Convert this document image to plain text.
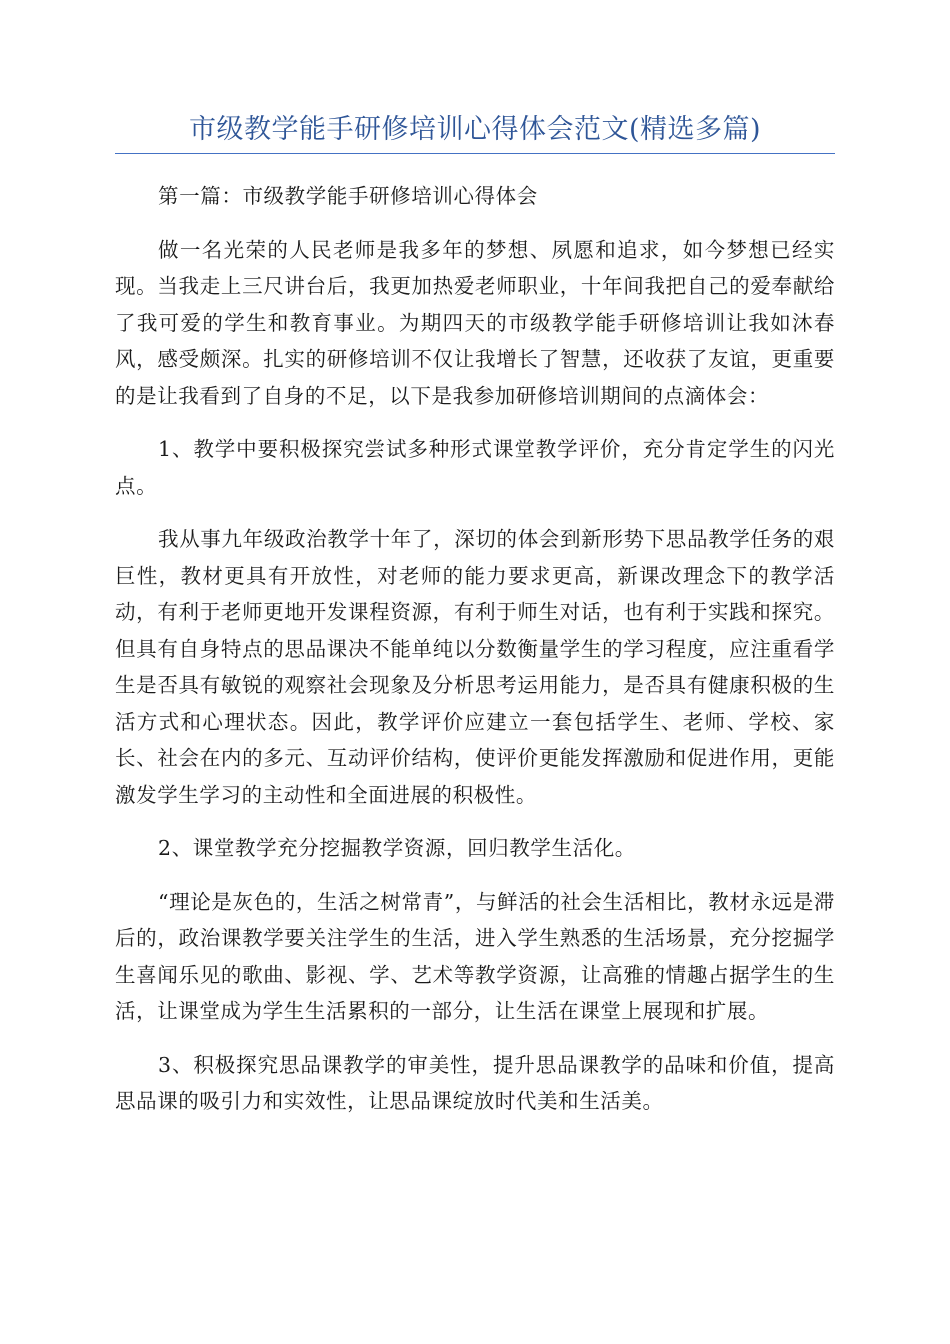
市级教学能手研修培训心得体会范文(精选多篇)

第一篇：市级教学能手研修培训心得体会

做一名光荣的人民老师是我多年的梦想、夙愿和追求，如今梦想已经实现。当我走上三尺讲台后，我更加热爱老师职业，十年间我把自己的爱奉献给了我可爱的学生和教育事业。为期四天的市级教学能手研修培训让我如沐春风，感受颇深。扎实的研修培训不仅让我增长了智慧，还收获了友谊，更重要的是让我看到了自身的不足，以下是我参加研修培训期间的点滴体会：

1、教学中要积极探究尝试多种形式课堂教学评价，充分肯定学生的闪光点。

我从事九年级政治教学十年了，深切的体会到新形势下思品教学任务的艰巨性，教材更具有开放性，对老师的能力要求更高，新课改理念下的教学活动，有利于老师更地开发课程资源，有利于师生对话，也有利于实践和探究。但具有自身特点的思品课决不能单纯以分数衡量学生的学习程度，应注重看学生是否具有敏锐的观察社会现象及分析思考运用能力，是否具有健康积极的生活方式和心理状态。因此，教学评价应建立一套包括学生、老师、学校、家长、社会在内的多元、互动评价结构，使评价更能发挥激励和促进作用，更能激发学生学习的主动性和全面进展的积极性。

2、课堂教学充分挖掘教学资源，回归教学生活化。

“理论是灰色的，生活之树常青”，与鲜活的社会生活相比，教材永远是滞后的，政治课教学要关注学生的生活，进入学生熟悉的生活场景，充分挖掘学生喜闻乐见的歌曲、影视、学、艺术等教学资源，让高雅的情趣占据学生的生活，让课堂成为学生生活累积的一部分，让生活在课堂上展现和扩展。

3、积极探究思品课教学的审美性，提升思品课教学的品味和价值，提高思品课的吸引力和实效性，让思品课绽放时代美和生活美。
